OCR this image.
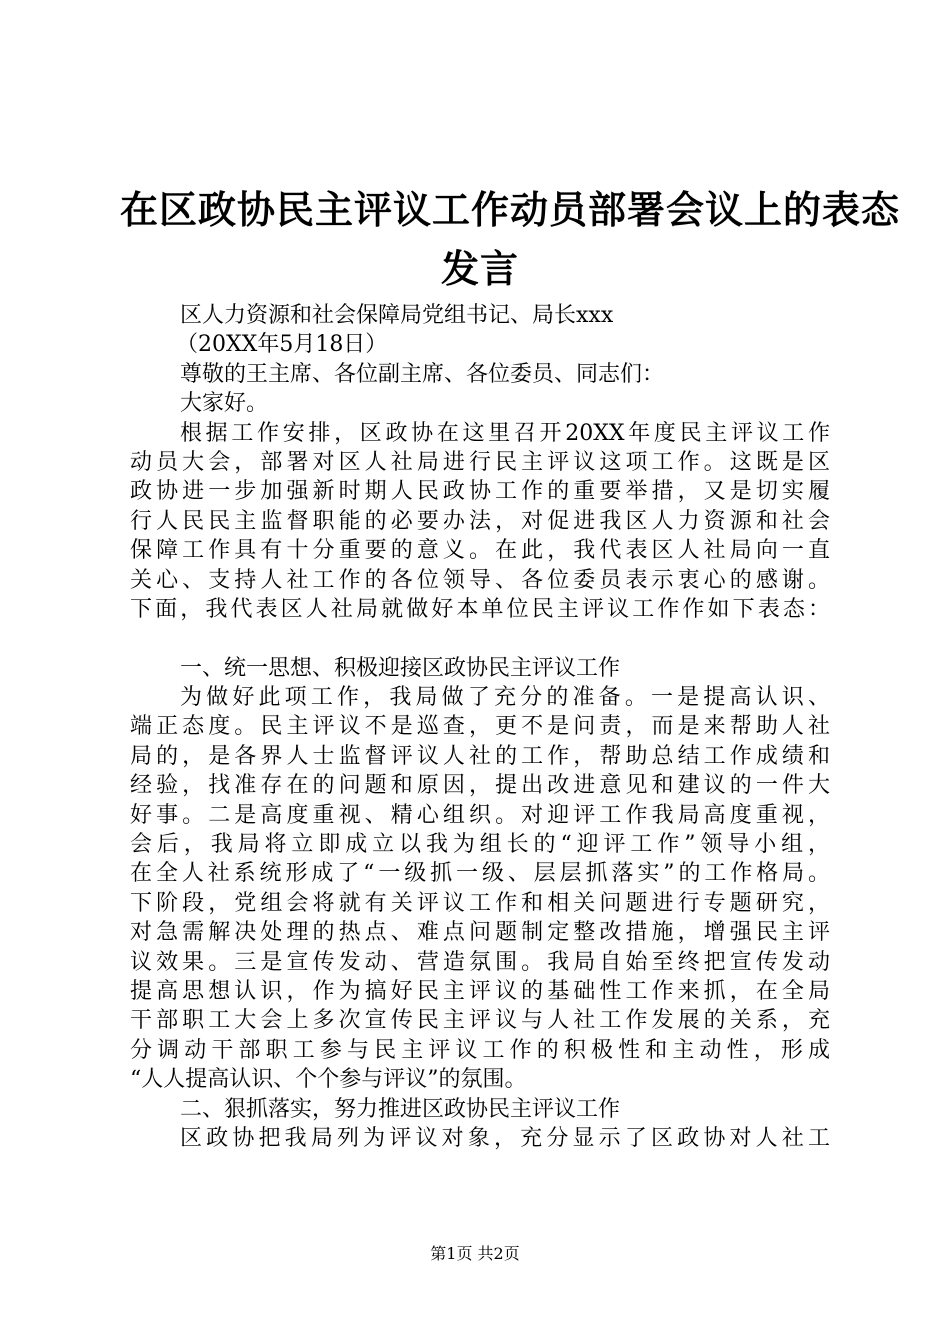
在区政协民主评议工作动员部署会议上的表态
发言
区人力资源和社会保障局党组书记、局长xxx
（20XX年5月18日）
尊敬的王主席、各位副主席、各位委员、同志们：
大家好。
根据工作安排，区政协在这里召开20XX年度民主评议工作
动员大会，部署对区人社局进行民主评议这项工作。这既是区
政协进一步加强新时期人民政协工作的重要举措，又是切实履
行人民民主监督职能的必要办法，对促进我区人力资源和社会
保障工作具有十分重要的意义。在此，我代表区人社局向一直
关心、支持人社工作的各位领导、各位委员表示衷心的感谢。
下面，我代表区人社局就做好本单位民主评议工作作如下表态：
一、统一思想、积极迎接区政协民主评议工作
为做好此项工作，我局做了充分的准备。一是提高认识、
端正态度。民主评议不是巡查，更不是问责，而是来帮助人社
局的，是各界人士监督评议人社的工作，帮助总结工作成绩和
经验，找准存在的问题和原因，提出改进意见和建议的一件大
好事。二是高度重视、精心组织。对迎评工作我局高度重视，
会后，我局将立即成立以我为组长的“迎评工作”领导小组，
在全人社系统形成了“一级抓一级、层层抓落实”的工作格局。
下阶段，党组会将就有关评议工作和相关问题进行专题研究，
对急需解决处理的热点、难点问题制定整改措施，增强民主评
议效果。三是宣传发动、营造氛围。我局自始至终把宣传发动
提高思想认识，作为搞好民主评议的基础性工作来抓，在全局
干部职工大会上多次宣传民主评议与人社工作发展的关系，充
分调动干部职工参与民主评议工作的积极性和主动性，形成
“人人提高认识、个个参与评议”的氛围。
二、狠抓落实，努力推进区政协民主评议工作
区政协把我局列为评议对象，充分显示了区政协对人社工
第1页 共2页
